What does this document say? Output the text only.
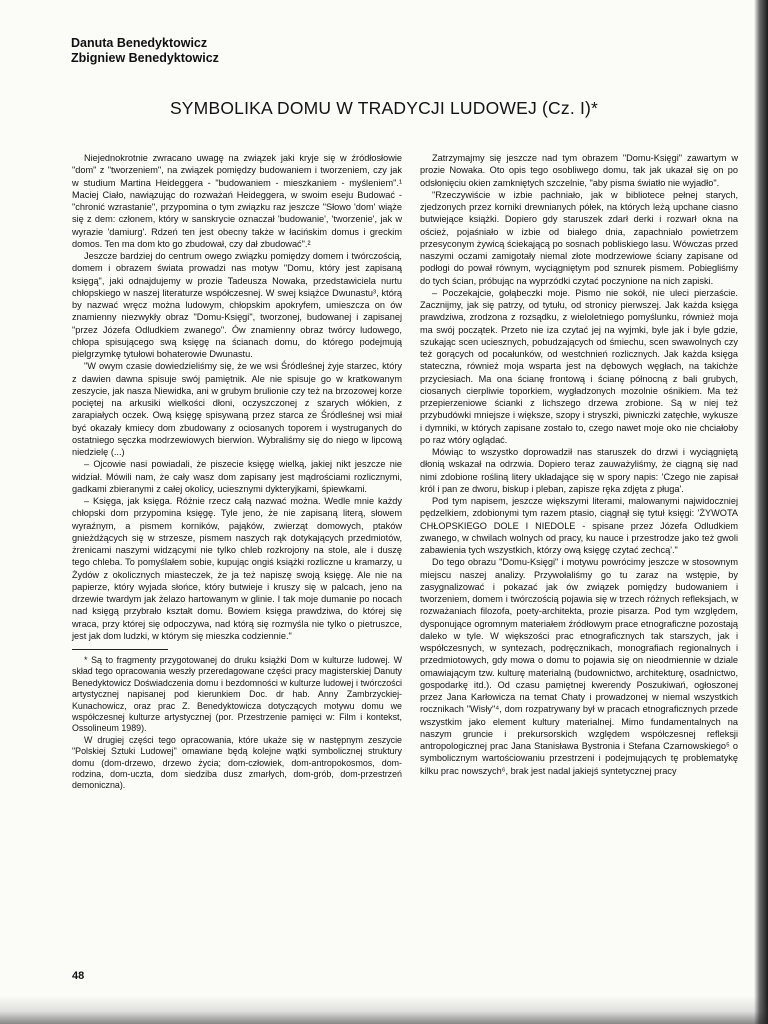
Danuta Benedyktowicz
Zbigniew Benedyktowicz
SYMBOLIKA DOMU W TRADYCJI LUDOWEJ (Cz. I)*

Niejednokrotnie zwracano uwagę na związek jaki kryje się w źródłosłowie "dom" z "tworzeniem", na związek pomiędzy budowaniem i tworzeniem, czy jak w studium Martina Heideggera - "budowaniem - mieszkaniem - myśleniem".¹ Maciej Ciało, nawiązując do rozważań Heideggera, w swoim eseju Budować - "chronić wzrastanie", przypomina o tym związku raz jeszcze "Słowo 'dom' wiąże się z dem: członem, który w sanskrycie oznaczał 'budowanie', 'tworzenie', jak w wyrazie 'damiurg'. Rdzeń ten jest obecny także w łacińskim domus i greckim domos. Ten ma dom kto go zbudował, czy dał zbudować".²

Jeszcze bardziej do centrum owego związku pomiędzy domem i twórczością, domem i obrazem świata prowadzi nas motyw "Domu, który jest zapisaną księgą", jaki odnajdujemy w prozie Tadeusza Nowaka, przedstawiciela nurtu chłopskiego w naszej literaturze współczesnej. W swej książce Dwunastu³, którą by nazwać wręcz można ludowym, chłopskim apokryfem, umieszcza on ów znamienny niezwykły obraz "Domu-Księgi", tworzonej, budowanej i zapisanej "przez Józefa Odludkiem zwanego". Ów znamienny obraz twórcy ludowego, chłopa spisującego swą księgę na ścianach domu, do którego podejmują pielgrzymkę tytułowi bohaterowie Dwunastu.

"W owym czasie dowiedzieliśmy się, że we wsi Śródleśnej żyje starzec, który z dawien dawna spisuje swój pamiętnik. Ale nie spisuje go w kratkowanym zeszycie, jak nasza Niewidka, ani w grubym brulionie czy też na brzozowej korze pociętej na arkusiki wielkości dłoni, oczyszczonej z szarych włókien, z zarapiałych oczek. Ową księgę spisywaną przez starca ze Śródleśnej wsi miał być okazały kmiecy dom zbudowany z ociosanych toporem i wystruganych do ostatniego sęczka modrzewiowych bierwion. Wybraliśmy się do niego w lipcową niedzielę (...)

– Ojcowie nasi powiadali, że piszecie księgę wielką, jakiej nikt jeszcze nie widział. Mówili nam, że cały wasz dom zapisany jest mądrościami rozlicznymi, gadkami zbieranymi z całej okolicy, uciesznymi dykteryjkami, śpiewkami.

– Księga, jak księga. Różnie rzecz całą nazwać można. Wedle mnie każdy chłopski dom przypomina księgę. Tyle jeno, że nie zapisaną literą, słowem wyraźnym, a pismem korników, pająków, zwierząt domowych, ptaków gnieżdżących się w strzesze, pismem naszych rąk dotykających przedmiotów, żrenicami naszymi widzącymi nie tylko chleb rozkrojony na stole, ale i duszę tego chleba. To pomyślałem sobie, kupując ongiś książki rozliczne u kramarzy, u Żydów z okolicznych miasteczek, że ja też napiszę swoją księgę. Ale nie na papierze, który wyjada słońce, który butwieje i kruszy się w palcach, jeno na drzewie twardym jak żelazo hartowanym w glinie. I tak moje dumanie po nocach nad księgą przybrało kształt domu. Bowiem księga prawdziwa, do której się wraca, przy której się odpoczywa, nad którą się rozmyśla nie tylko o pietruszce, jest jak dom ludzki, w którym się mieszka codziennie."

* Są to fragmenty przygotowanej do druku książki Dom w kulturze ludowej. W skład tego opracowania weszły przeredagowane części pracy magisterskiej Danuty Benedyktowicz Doświadczenia domu i bezdomności w kulturze ludowej i twórczości artystycznej napisanej pod kierunkiem Doc. dr hab. Anny Zambrzyckiej-Kunachowicz, oraz prac Z. Benedyktowicza dotyczących motywu domu we współczesnej kulturze artystycznej (por. Przestrzenie pamięci w: Film i kontekst, Ossolineum 1989).

W drugiej części tego opracowania, które ukaże się w następnym zeszycie "Polskiej Sztuki Ludowej" omawiane będą kolejne wątki symbolicznej struktury domu (dom-drzewo, drzewo życia; dom-człowiek, dom-antropokosmos, dom-rodzina, dom-uczta, dom siedziba dusz zmarłych, dom-grób, dom-przestrzeń demoniczna).

Zatrzymajmy się jeszcze nad tym obrazem "Domu-Księgi" zawartym w prozie Nowaka. Oto opis tego osobliwego domu, tak jak ukazał się on po odsłonięciu okien zamkniętych szczelnie, "aby pisma światło nie wyjadło".

"Rzeczywiście w izbie pachniało, jak w bibliotece pełnej starych, zjedzonych przez korniki drewnianych półek, na których leżą upchane ciasno butwiejące książki. Dopiero gdy staruszek zdarł derki i rozwarł okna na oścież, pojaśniało w izbie od białego dnia, zapachniało powietrzem przesyconym żywicą ściekającą po sosnach pobliskiego lasu. Wówczas przed naszymi oczami zamigotały niemal złote modrzewiowe ściany zapisane od podłogi do pował równym, wyciągniętym pod sznurek pismem. Pobiegliśmy do tych ścian, próbując na wyprzódki czytać poczynione na nich zapiski.

– Poczekajcie, gołąbeczki moje. Pismo nie sokół, nie uleci pierzaście. Zacznijmy, jak się patrzy, od tytułu, od stronicy pierwszej. Jak każda księga prawdziwa, zrodzona z rozsądku, z wieloletniego pomyślunku, również moja ma swój początek. Przeto nie iza czytać jej na wyjmki, byle jak i byle gdzie, szukając scen uciesznych, pobudzających od śmiechu, scen swawolnych czy też gorących od pocałunków, od westchnień rozlicznych. Jak każda księga stateczna, również moja wsparta jest na dębowych węgłach, na takichże przyciesiach. Ma ona ścianę frontową i ścianę północną z bali grubych, ciosanych cierpliwie toporkiem, wygładzonych mozolnie ośnikiem. Ma też przepierzeniowe ścianki z lichszego drzewa zrobione. Są w niej też przybudówki mniejsze i większe, szopy i stryszki, piwniczki zatęchłe, wykusze i dymniki, w których zapisane zostało to, czego nawet moje oko nie chciałoby po raz wtóry oglądać.

Mówiąc to wszystko doprowadził nas staruszek do drzwi i wyciągniętą dłonią wskazał na odrzwia. Dopiero teraz zauważyliśmy, że ciągną się nad nimi zdobione rośliną litery układające się w spory napis: 'Czego nie zapisał król i pan ze dworu, biskup i pleban, zapisze ręka zdjęta z pługa'.

Pod tym napisem, jeszcze większymi literami, malowanymi najwidoczniej pędzelkiem, zdobionymi tym razem ptasio, ciągnął się tytuł księgi: 'ŻYWOTA CHŁOPSKIEGO DOLE I NIEDOLE - spisane przez Józefa Odludkiem zwanego, w chwilach wolnych od pracy, ku nauce i przestrodze jako też gwoli zabawienia tych wszystkich, którzy ową księgę czytać zechcą'."

Do tego obrazu "Domu-Księgi" i motywu powrócimy jeszcze w stosownym miejscu naszej analizy. Przywołaliśmy go tu zaraz na wstępie, by zasygnalizować i pokazać jak ów związek pomiędzy budowaniem i tworzeniem, domem i twórczością pojawia się w trzech różnych refleksjach, w rozważaniach filozofa, poety-architekta, prozie pisarza. Pod tym względem, dysponujące ogromnym materiałem źródłowym prace etnograficzne pozostają daleko w tyle. W większości prac etnograficznych tak starszych, jak i współczesnych, w syntezach, podręcznikach, monografiach regionalnych i przedmiotowych, gdy mowa o domu to pojawia się on nieodmiennie w dziale omawiającym tzw. kulturę materialną (budownictwo, architekturę, osadnictwo, gospodarkę itd.). Od czasu pamiętnej kwerendy Poszukiwań, ogłoszonej przez Jana Karłowicza na temat Chaty i prowadzonej w niemal wszystkich rocznikach "Wisły"⁴, dom rozpatrywany był w pracach etnograficznych przede wszystkim jako element kultury materialnej. Mimo fundamentalnych na naszym gruncie i prekursorskich względem współczesnej refleksji antropologicznej prac Jana Stanisława Bystronia i Stefana Czarnowskiego⁵ o symbolicznym wartościowaniu przestrzeni i podejmujących tę problematykę kilku prac nowszych⁶, brak jest nadal jakiejś syntetycznej pracy

48
